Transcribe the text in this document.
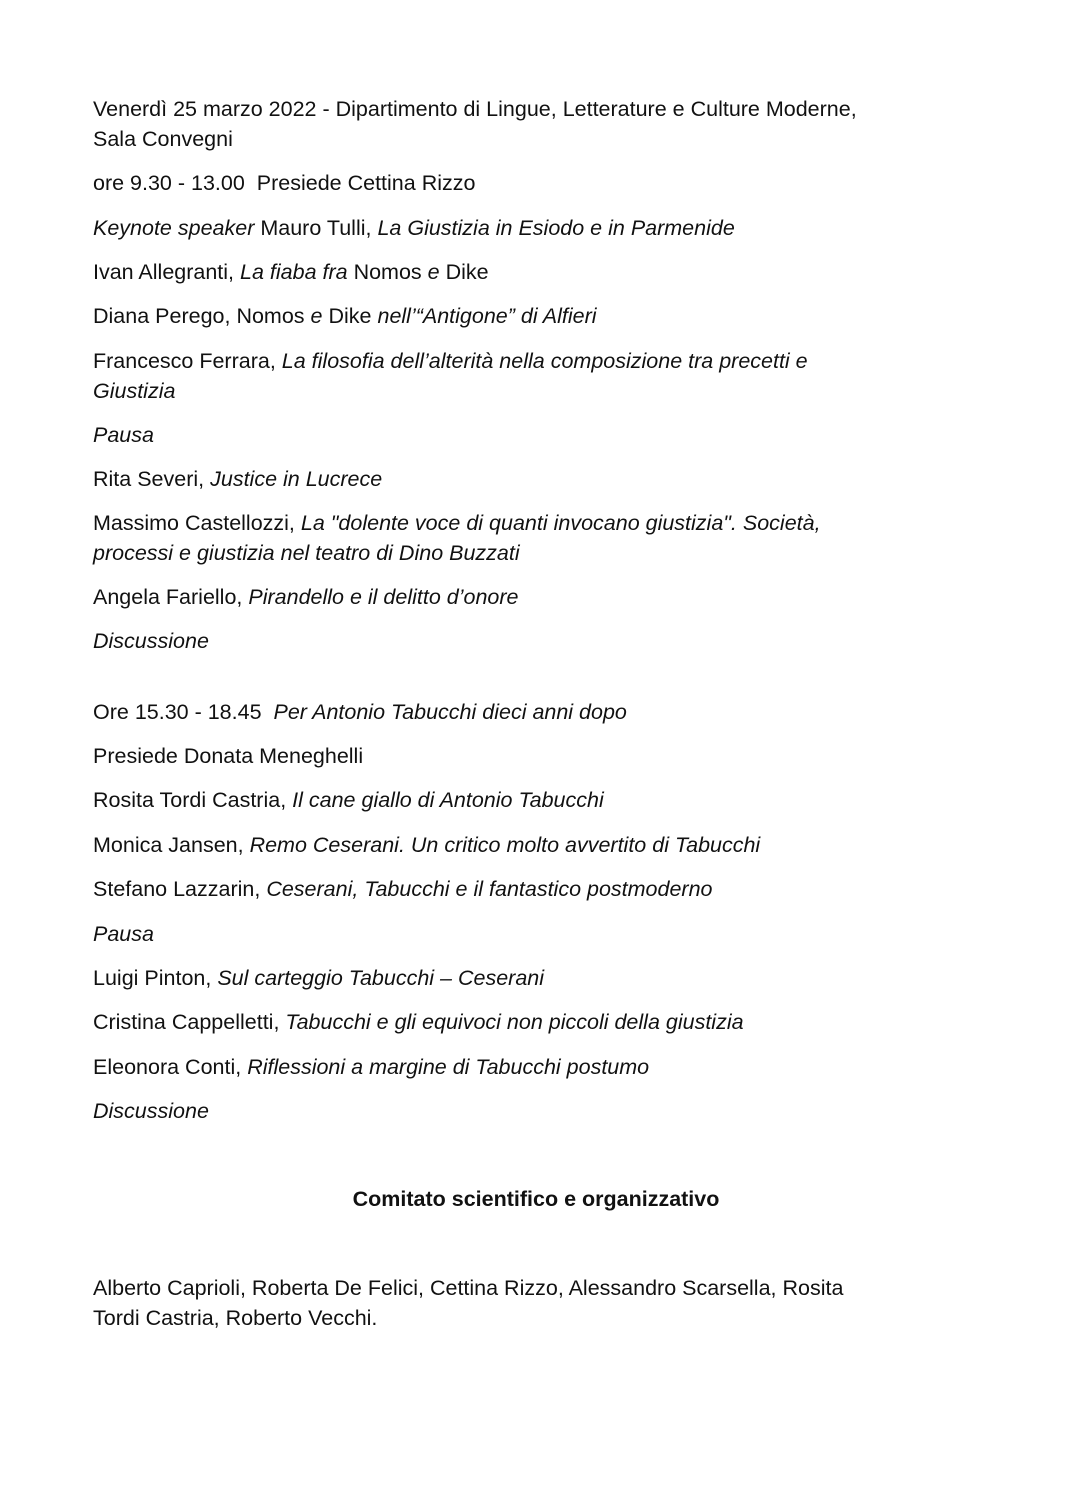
Venerdì 25 marzo 2022 - Dipartimento di Lingue, Letterature e Culture Moderne,
Sala Convegni

ore 9.30 - 13.00 Presiede Cettina Rizzo

Keynote speaker Mauro Tulli, La Giustizia in Esiodo e in Parmenide

Ivan Allegranti, La fiaba fra Nomos e Dike

Diana Perego, Nomos e Dike nell’“Antigone” di Alfieri

Francesco Ferrara, La filosofia dell’alterità nella composizione tra precetti e
Giustizia

Pausa

Rita Severi, Justice in Lucrece

Massimo Castellozzi, La "dolente voce di quanti invocano giustizia". Società,
processi e giustizia nel teatro di Dino Buzzati

Angela Fariello, Pirandello e il delitto d’onore

Discussione

Ore 15.30 - 18.45 Per Antonio Tabucchi dieci anni dopo

Presiede Donata Meneghelli

Rosita Tordi Castria, Il cane giallo di Antonio Tabucchi

Monica Jansen, Remo Ceserani. Un critico molto avvertito di Tabucchi

Stefano Lazzarin, Ceserani, Tabucchi e il fantastico postmoderno

Pausa

Luigi Pinton, Sul carteggio Tabucchi – Ceserani

Cristina Cappelletti, Tabucchi e gli equivoci non piccoli della giustizia

Eleonora Conti, Riflessioni a margine di Tabucchi postumo

Discussione

Comitato scientifico e organizzativo

Alberto Caprioli, Roberta De Felici, Cettina Rizzo, Alessandro Scarsella, Rosita
Tordi Castria, Roberto Vecchi.
